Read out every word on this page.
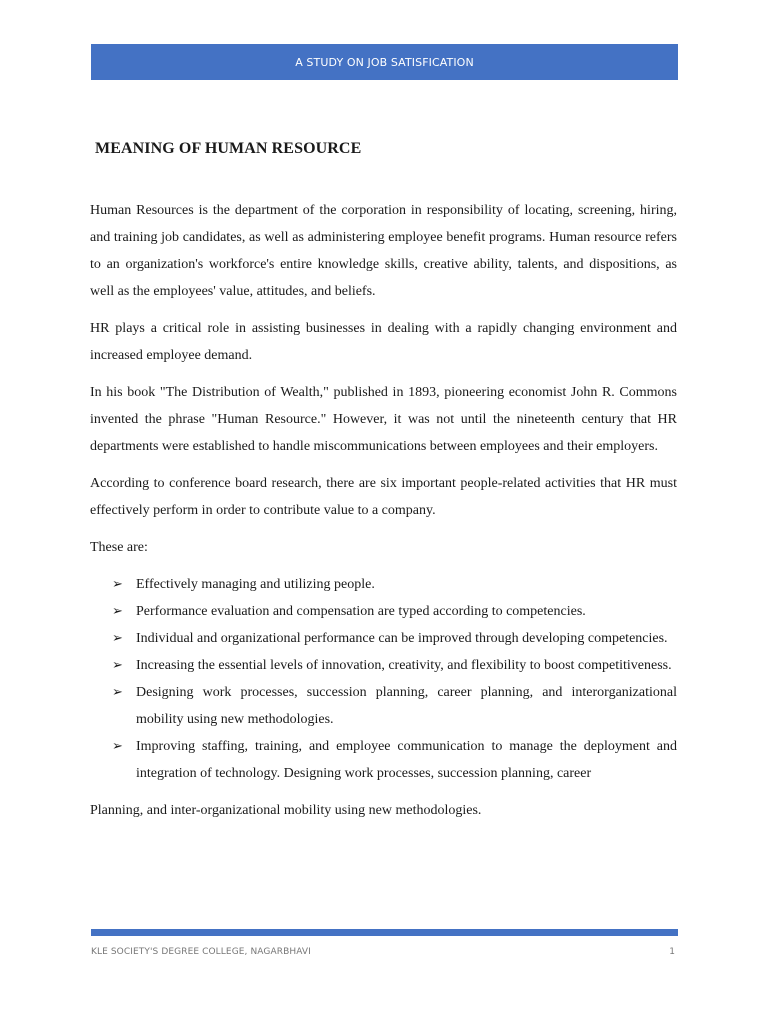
A STUDY ON JOB SATISFICATION
MEANING OF HUMAN RESOURCE

Human Resources is the department of the corporation in responsibility of locating, screening, hiring, and training job candidates, as well as administering employee benefit programs. Human resource refers to an organization's workforce's entire knowledge skills, creative ability, talents, and dispositions, as well as the employees' value, attitudes, and beliefs.

HR plays a critical role in assisting businesses in dealing with a rapidly changing environment and increased employee demand.

In his book "The Distribution of Wealth," published in 1893, pioneering economist John R. Commons invented the phrase "Human Resource." However, it was not until the nineteenth century that HR departments were established to handle miscommunications between employees and their employers.

According to conference board research, there are six important people-related activities that HR must effectively perform in order to contribute value to a company.

These are:

➢ Effectively managing and utilizing people.
➢ Performance evaluation and compensation are typed according to competencies.
➢ Individual and organizational performance can be improved through developing competencies.
➢ Increasing the essential levels of innovation, creativity, and flexibility to boost competitiveness.
➢ Designing work processes, succession planning, career planning, and interorganizational mobility using new methodologies.
➢ Improving staffing, training, and employee communication to manage the deployment and integration of technology. Designing work processes, succession planning, career

Planning, and inter-organizational mobility using new methodologies.

KLE SOCIETY'S DEGREE COLLEGE, NAGARBHAVI	1
